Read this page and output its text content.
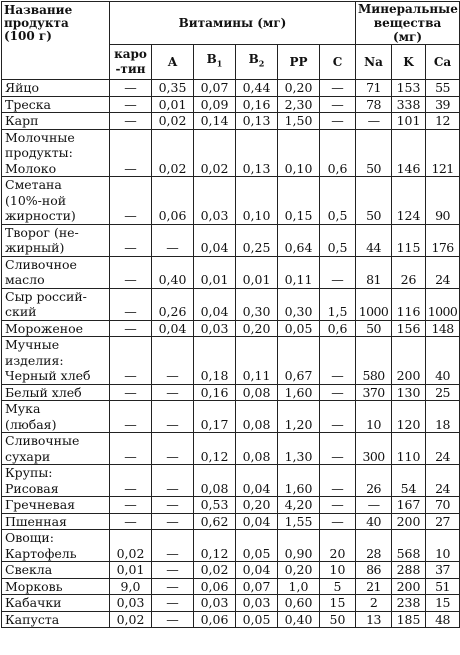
Название
продукта
(100 г)	Витамины (мг)						Минеральные вещества (мг)		
	каро-тин	A	$B_1$	$B_2$	PP	C	Na	K	Ca

Яйцо	—	0,35	0,07	0,44	0,20	—	71	153	55

Треска	—	0,01	0,09	0,16	2,30	—	78	338	39

Карп	—	0,02	0,14	0,13	1,50	—	—	101	12

Молочные
продукты:
Молоко	—	0,02	0,02	0,13	0,10	0,6	50	146	121

Сметана
(10%-ной
жирности)	—	0,06	0,03	0,10	0,15	0,5	50	124	90

Творог (не-
жирный)	—	—	0,04	0,25	0,64	0,5	44	115	176

Сливочное
масло	—	0,40	0,01	0,01	0,11	—	81	26	24

Сыр россий-
ский	—	0,26	0,04	0,30	0,30	1,5	1000	116	1000

Мороженое	—	0,04	0,03	0,20	0,05	0,6	50	156	148

Мучные
изделия:
Черный хлеб	—	—	0,18	0,11	0,67	—	580	200	40

Белый хлеб	—	—	0,16	0,08	1,60	—	370	130	25

Мука
(любая)	—	—	0,17	0,08	1,20	—	10	120	18

Сливочные
сухари	—	—	0,12	0,08	1,30	—	300	110	24

Крупы:
Рисовая	—	—	0,08	0,04	1,60	—	26	54	24

Гречневая	—	—	0,53	0,20	4,20	—	—	167	70

Пшенная	—	—	0,62	0,04	1,55	—	40	200	27

Овощи:
Картофель	0,02	—	0,12	0,05	0,90	20	28	568	10

Свекла	0,01	—	0,02	0,04	0,20	10	86	288	37

Морковь	9,0	—	0,06	0,07	1,0	5	21	200	51

Кабачки	0,03	—	0,03	0,03	0,60	15	2	238	15

Капуста	0,02	—	0,06	0,05	0,40	50	13	185	48
